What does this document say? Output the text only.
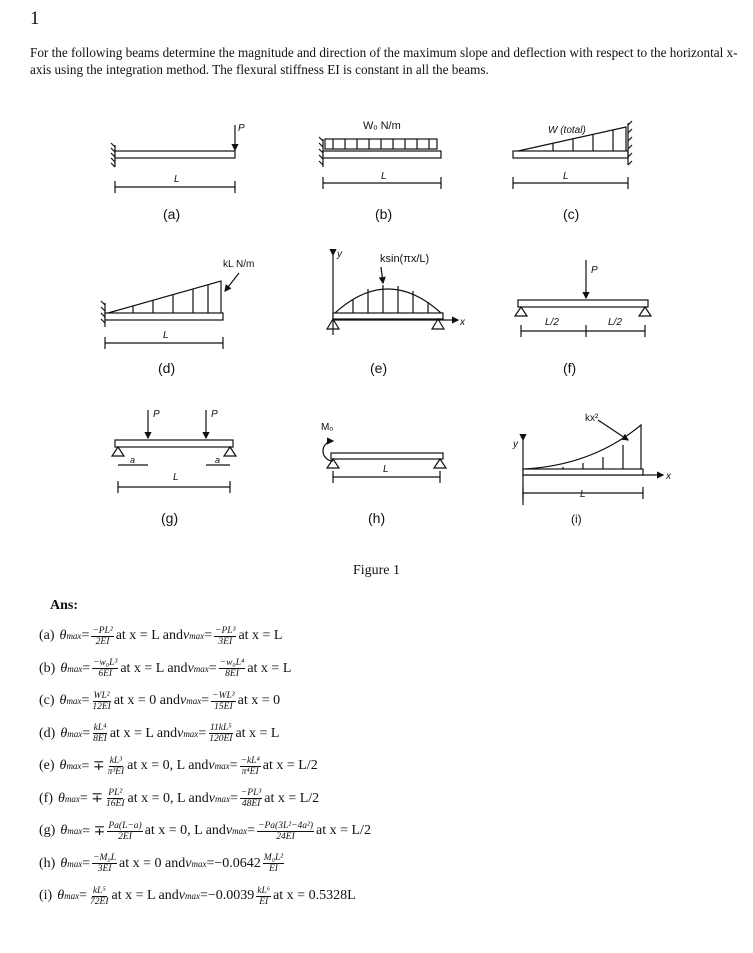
1
For the following beams determine the magnitude and direction of the maximum slope and deflection with respect to the horizontal x-axis using the integration method. The flexural stiffness EI is constant in all the beams.
P
L
(a)
Wₒ N/m
L
(b)
W (total)
L
(c)
kL N/m
L
(d)
ksin(πx/L)
x
y
(e)
P
L/2	L/2
(f)
P	P
a	a
L
(g)
Mₒ
L
(h)
kx²
x
y
L
(i)
Figure 1
Ans:
(a) θ $\max = \frac{\text{−PL²}}{2EI}$ at x = L and v $\max = \frac{\text{−PL³}}{3EI}$ at x = L
(b) θ $\max = \frac{\text{−w₀L³}}{6EI}$ at x = L and v $\max = \frac{\text{−w₀L⁴}}{8EI}$ at x = L
(c) θ $\max = \frac{\text{WL²}}{12EI}$ at x = 0 and v $\max = \frac{\text{−WL³}}{15EI}$ at x = 0
(d) θ $\max = \frac{\text{kL⁴}}{8EI}$ at x = L and v $\max = \frac{\text{11kL⁵}}{120EI}$ at x = L
(e) θ max = ∓ $\frac{\text{kL³}}{\text{π³EI}}$ at x = 0, L and v $\max = \frac{\text{−kL⁴}}{\text{π⁴EI}}$ at x = L/2
(f) θ max = ∓ $\frac{\text{PL²}}{16EI}$ at x = 0, L and v $\max = \frac{\text{−PL³}}{48EI}$ at x = L/2
(g) θ max = ∓ $\frac{Pa(L-a)}{2EI}$ at x = 0, L and v $\max = \frac{\text{−Pa(3L²−4a²)}}{24EI}$ at x = L/2
(h) θ $\max = \frac{\text{−M₀L}}{3EI}$ at x = 0 and v $\max = -0.0642 \frac{\text{M₀L²}}{EI}$
(i) θ $\max = \frac{\text{kL⁵}}{72EI}$ at x = L and v $\max = -0.0039 \frac{\text{kL⁶}}{EI}$ at x = 0.5328L
